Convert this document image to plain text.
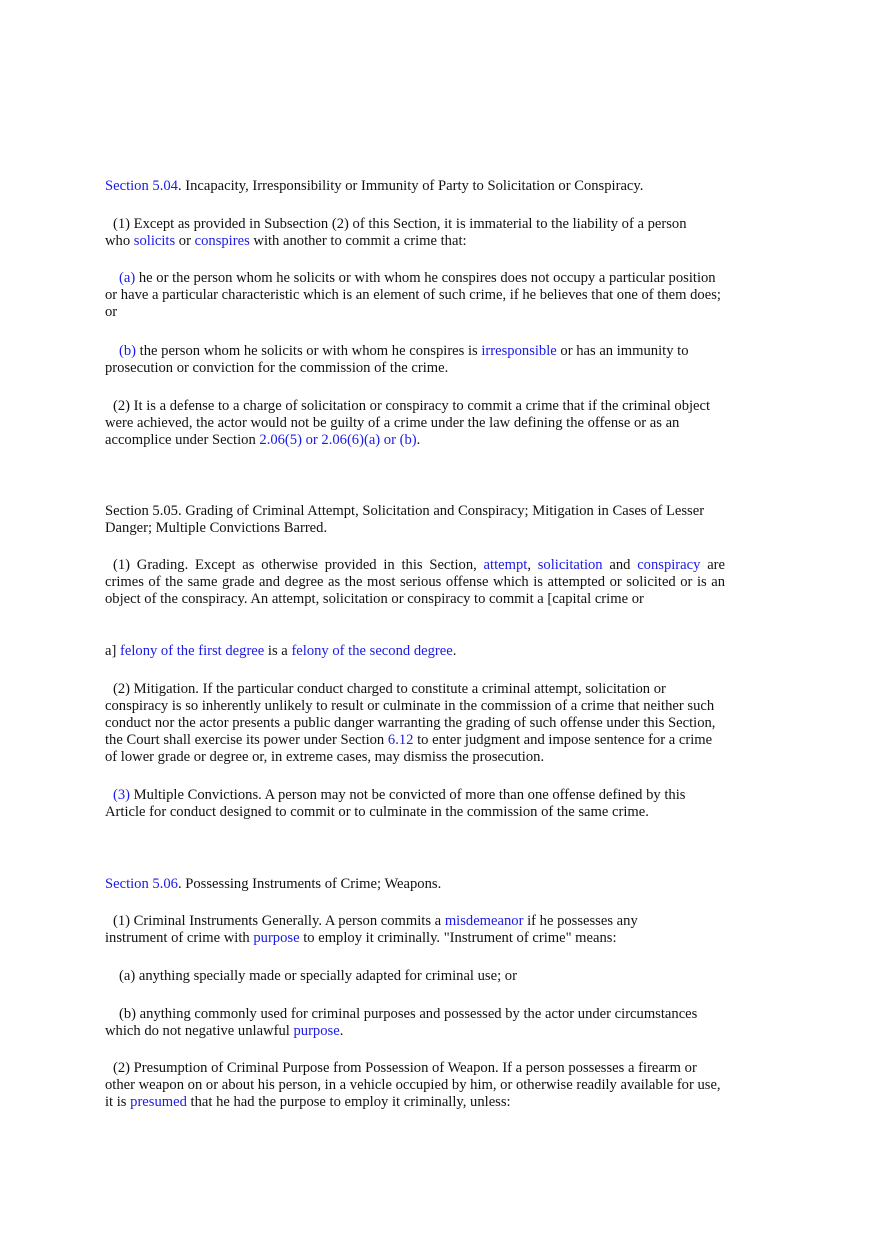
Section 5.04. Incapacity, Irresponsibility or Immunity of Party to Solicitation or Conspiracy.

(1) Except as provided in Subsection (2) of this Section, it is immaterial to the liability of a person
who solicits or conspires with another to commit a crime that:

(a) he or the person whom he solicits or with whom he conspires does not occupy a particular position or have a particular characteristic which is an element of such crime, if he believes that one of them does; or

(b) the person whom he solicits or with whom he conspires is irresponsible or has an immunity to prosecution or conviction for the commission of the crime.

(2) It is a defense to a charge of solicitation or conspiracy to commit a crime that if the criminal object were achieved, the actor would not be guilty of a crime under the law defining the offense or as an accomplice under Section 2.06(5) or 2.06(6)(a) or (b).

Section 5.05. Grading of Criminal Attempt, Solicitation and Conspiracy; Mitigation in Cases of Lesser Danger; Multiple Convictions Barred.

(1) Grading. Except as otherwise provided in this Section, attempt, solicitation and conspiracy are crimes of the same grade and degree as the most serious offense which is attempted or solicited or is an object of the conspiracy. An attempt, solicitation or conspiracy to commit a [capital crime or

a] felony of the first degree is a felony of the second degree.

(2) Mitigation. If the particular conduct charged to constitute a criminal attempt, solicitation or conspiracy is so inherently unlikely to result or culminate in the commission of a crime that neither such conduct nor the actor presents a public danger warranting the grading of such offense under this Section, the Court shall exercise its power under Section 6.12 to enter judgment and impose sentence for a crime of lower grade or degree or, in extreme cases, may dismiss the prosecution.

(3) Multiple Convictions. A person may not be convicted of more than one offense defined by this Article for conduct designed to commit or to culminate in the commission of the same crime.

Section 5.06. Possessing Instruments of Crime; Weapons.

(1) Criminal Instruments Generally. A person commits a misdemeanor if he possesses any
instrument of crime with purpose to employ it criminally. "Instrument of crime" means:

(a) anything specially made or specially adapted for criminal use; or

(b) anything commonly used for criminal purposes and possessed by the actor under circumstances which do not negative unlawful purpose.

(2) Presumption of Criminal Purpose from Possession of Weapon. If a person possesses a firearm or other weapon on or about his person, in a vehicle occupied by him, or otherwise readily available for use, it is presumed that he had the purpose to employ it criminally, unless:
